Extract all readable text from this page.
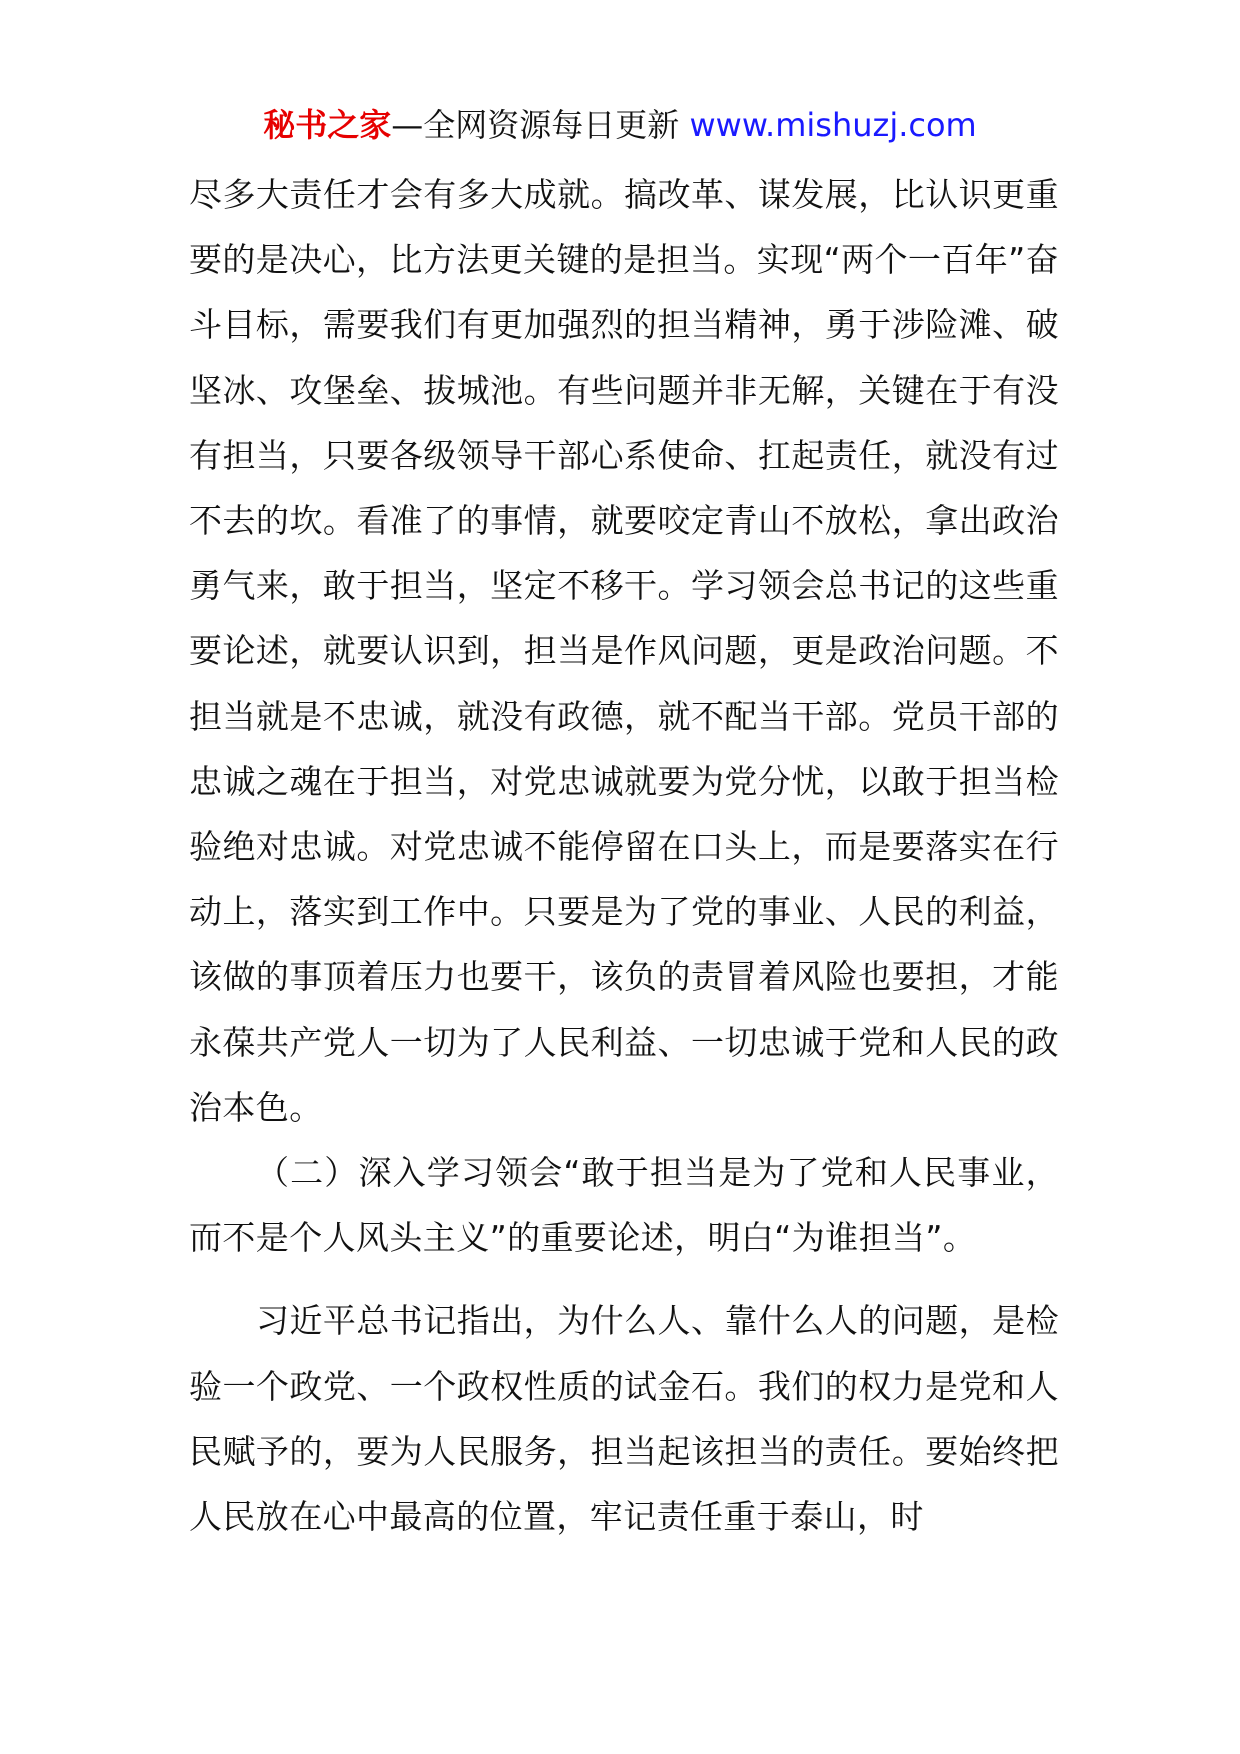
秘书之家—全网资源每日更新 www.mishuzj.com

尽多大责任才会有多大成就。搞改革、谋发展，比认识更重要的是决心，比方法更关键的是担当。实现“两个一百年”奋斗目标，需要我们有更加强烈的担当精神，勇于涉险滩、破坚冰、攻堡垒、拔城池。有些问题并非无解，关键在于有没有担当，只要各级领导干部心系使命、扛起责任，就没有过不去的坎。看准了的事情，就要咬定青山不放松，拿出政治勇气来，敢于担当，坚定不移干。学习领会总书记的这些重要论述，就要认识到，担当是作风问题，更是政治问题。不担当就是不忠诚，就没有政德，就不配当干部。党员干部的忠诚之魂在于担当，对党忠诚就要为党分忧，以敢于担当检验绝对忠诚。对党忠诚不能停留在口头上，而是要落实在行动上，落实到工作中。只要是为了党的事业、人民的利益，该做的事顶着压力也要干，该负的责冒着风险也要担，才能永葆共产党人一切为了人民利益、一切忠诚于党和人民的政治本色。

（二）深入学习领会“敢于担当是为了党和人民事业，而不是个人风头主义”的重要论述，明白“为谁担当”。

习近平总书记指出，为什么人、靠什么人的问题，是检验一个政党、一个政权性质的试金石。我们的权力是党和人民赋予的，要为人民服务，担当起该担当的责任。要始终把人民放在心中最高的位置，牢记责任重于泰山，时
